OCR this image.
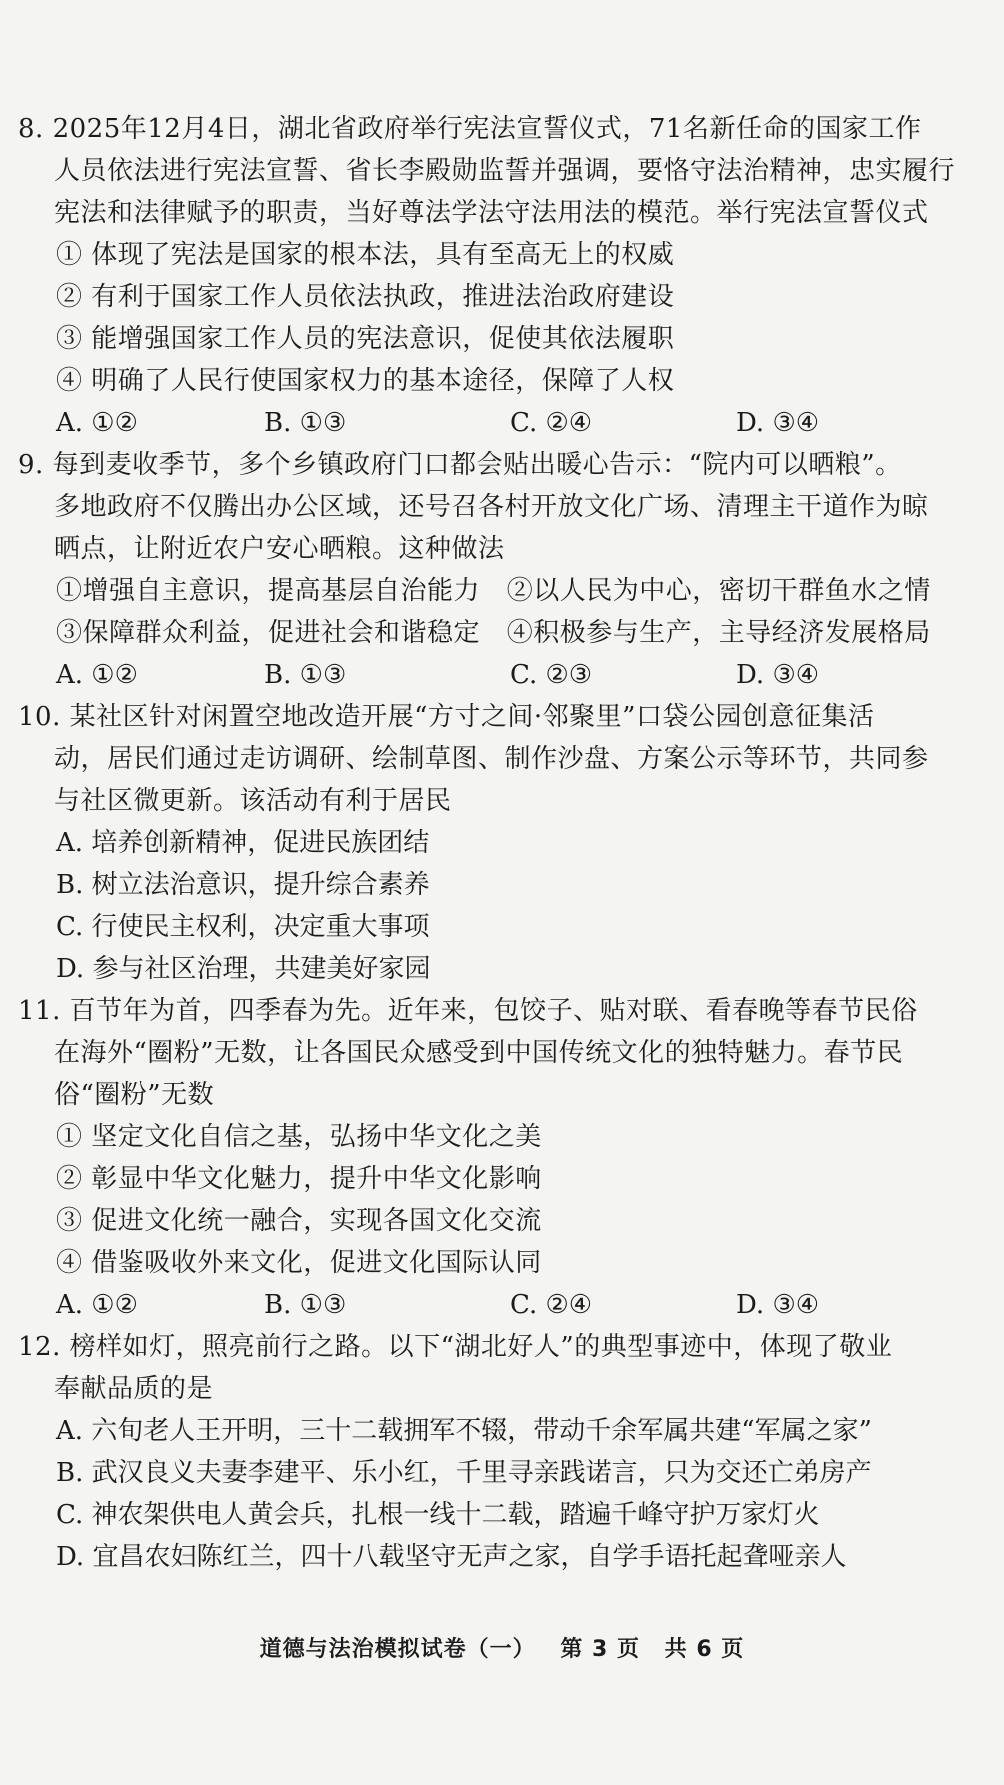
8. 2025年12月4日，湖北省政府举行宪法宣誓仪式，71名新任命的国家工作
人员依法进行宪法宣誓、省长李殿勋监誓并强调，要恪守法治精神，忠实履行
宪法和法律赋予的职责，当好尊法学法守法用法的模范。举行宪法宣誓仪式
① 体现了宪法是国家的根本法，具有至高无上的权威
② 有利于国家工作人员依法执政，推进法治政府建设
③ 能增强国家工作人员的宪法意识，促使其依法履职
④ 明确了人民行使国家权力的基本途径，保障了人权
A. ①②	B. ①③	C. ②④	D. ③④
9. 每到麦收季节，多个乡镇政府门口都会贴出暖心告示：“院内可以晒粮”。
多地政府不仅腾出办公区域，还号召各村开放文化广场、清理主干道作为晾
晒点，让附近农户安心晒粮。这种做法
①增强自主意识，提高基层自治能力 ②以人民为中心，密切干群鱼水之情
③保障群众利益，促进社会和谐稳定 ④积极参与生产，主导经济发展格局
A. ①②	B. ①③	C. ②③	D. ③④
10. 某社区针对闲置空地改造开展“方寸之间·邻聚里”口袋公园创意征集活
动，居民们通过走访调研、绘制草图、制作沙盘、方案公示等环节，共同参
与社区微更新。该活动有利于居民
A. 培养创新精神，促进民族团结
B. 树立法治意识，提升综合素养
C. 行使民主权利，决定重大事项
D. 参与社区治理，共建美好家园
11. 百节年为首，四季春为先。近年来，包饺子、贴对联、看春晚等春节民俗
在海外“圈粉”无数，让各国民众感受到中国传统文化的独特魅力。春节民
俗“圈粉”无数
① 坚定文化自信之基，弘扬中华文化之美
② 彰显中华文化魅力，提升中华文化影响
③ 促进文化统一融合，实现各国文化交流
④ 借鉴吸收外来文化，促进文化国际认同
A. ①②	B. ①③	C. ②④	D. ③④
12. 榜样如灯，照亮前行之路。以下“湖北好人”的典型事迹中，体现了敬业
奉献品质的是
A. 六旬老人王开明，三十二载拥军不辍，带动千余军属共建“军属之家”
B. 武汉良义夫妻李建平、乐小红，千里寻亲践诺言，只为交还亡弟房产
C. 神农架供电人黄会兵，扎根一线十二载，踏遍千峰守护万家灯火
D. 宜昌农妇陈红兰，四十八载坚守无声之家，自学手语托起聋哑亲人
道德与法治模拟试卷（一） 第 3 页 共 6 页
